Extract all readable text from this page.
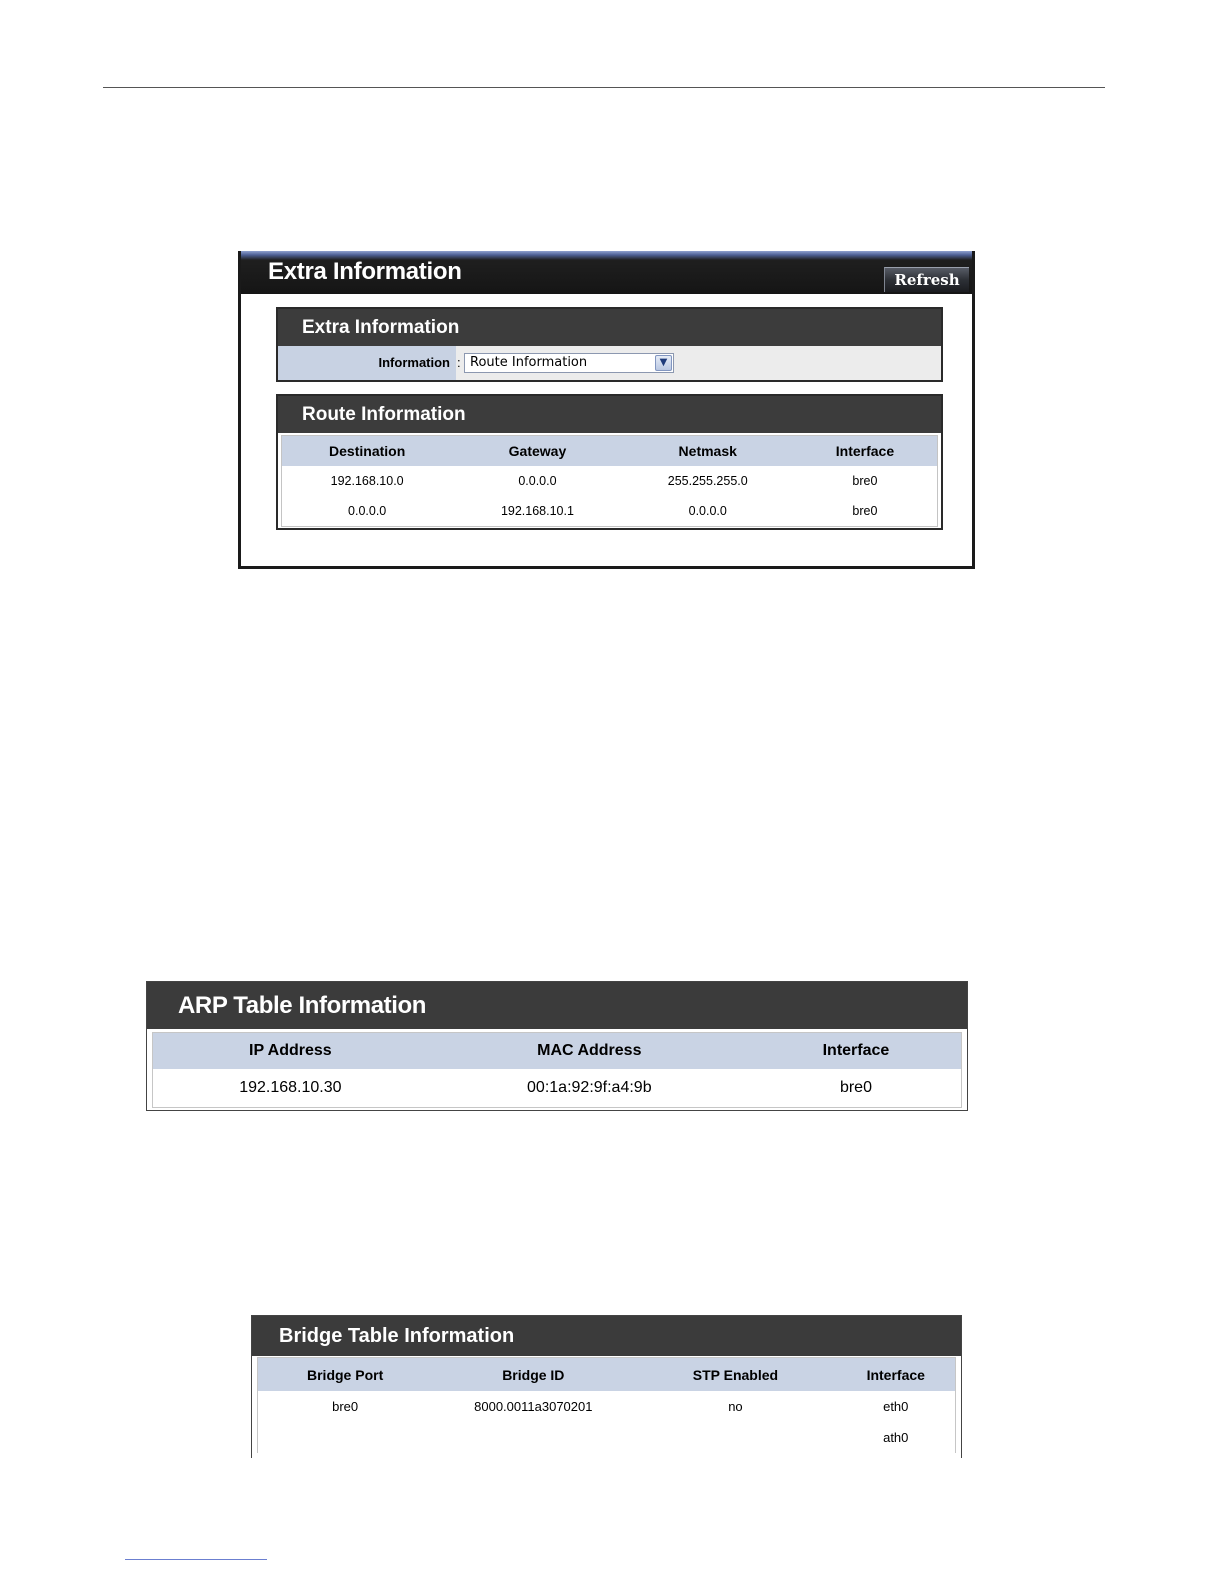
Extra Information	Refresh
Extra Information
Information : Route Information	▼
Route Information
Destination	Gateway	Netmask	Interface
192.168.10.0	0.0.0.0	255.255.255.0	bre0
0.0.0.0	192.168.10.1	0.0.0.0	bre0
ARP Table Information
IP Address	MAC Address	Interface
192.168.10.30	00:1a:92:9f:a4:9b	bre0
Bridge Table Information
Bridge Port	Bridge ID	STP Enabled	Interface
bre0	8000.0011a3070201	no	eth0
			ath0
